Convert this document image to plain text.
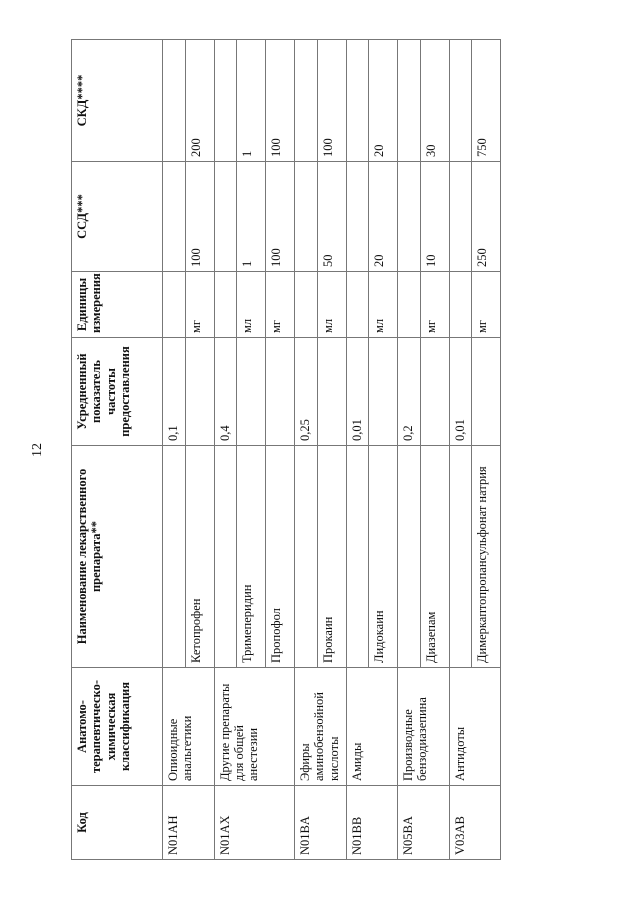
12
Код	Анатомо-терапевтическо-химическая классификация	Наименование лекарственного препарата**	Усредненный показатель частоты предоставления	Единицы измерения	ССД***	СКД****
N01AH	Опиоидные анальгетики		0,1			
		Кетопрофен		мг	100	200
N01AX	Другие препараты для общей анестезии		0,4			
		Тримеперидин		мл	1	1
		Пропофол		мг	100	100
N01BA	Эфиры аминобензойной кислоты		0,25			
		Прокаин		мл	50	100
N01BB	Амиды		0,01			
		Лидокаин		мл	20	20
N05BA	Производные бензодиазепина		0,2			
		Диазепам		мг	10	30
V03AB	Антидоты		0,01			
		Димеркаптопропансульфонат натрия		мг	250	750
